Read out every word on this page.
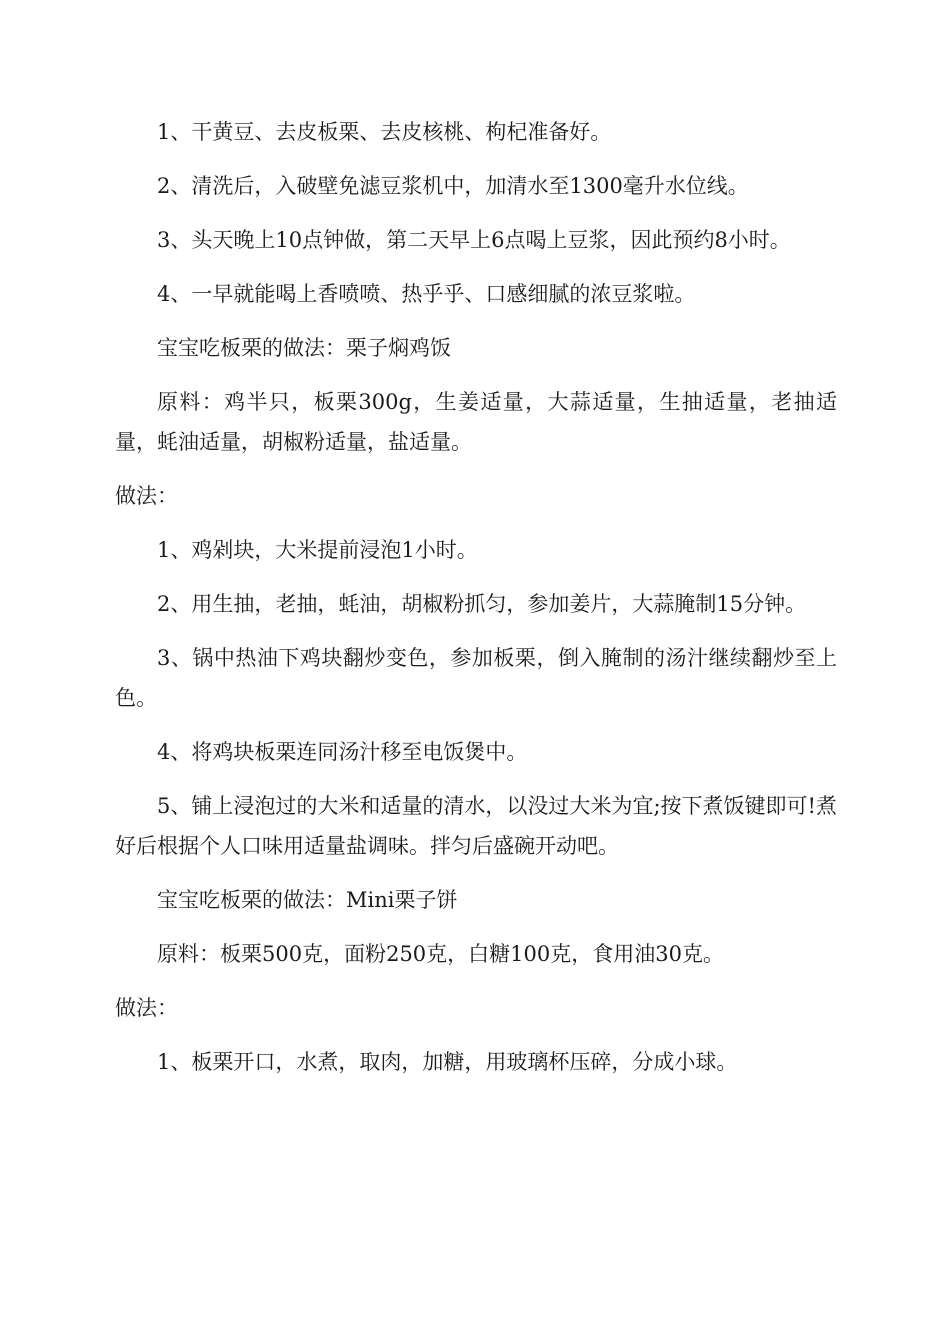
1、干黄豆、去皮板栗、去皮核桃、枸杞准备好。

2、清洗后，入破壁免滤豆浆机中，加清水至1300毫升水位线。

3、头天晚上10点钟做，第二天早上6点喝上豆浆，因此预约8小时。

4、一早就能喝上香喷喷、热乎乎、口感细腻的浓豆浆啦。

宝宝吃板栗的做法：栗子焖鸡饭

原料：鸡半只，板栗300g，生姜适量，大蒜适量，生抽适量，老抽适量，蚝油适量，胡椒粉适量，盐适量。

做法：

1、鸡剁块，大米提前浸泡1小时。

2、用生抽，老抽，蚝油，胡椒粉抓匀，参加姜片，大蒜腌制15分钟。

3、锅中热油下鸡块翻炒变色，参加板栗，倒入腌制的汤汁继续翻炒至上色。

4、将鸡块板栗连同汤汁移至电饭煲中。

5、铺上浸泡过的大米和适量的清水，以没过大米为宜;按下煮饭键即可!煮好后根据个人口味用适量盐调味。拌匀后盛碗开动吧。

宝宝吃板栗的做法：Mini栗子饼

原料：板栗500克，面粉250克，白糖100克，食用油30克。

做法：

1、板栗开口，水煮，取肉，加糖，用玻璃杯压碎，分成小球。
